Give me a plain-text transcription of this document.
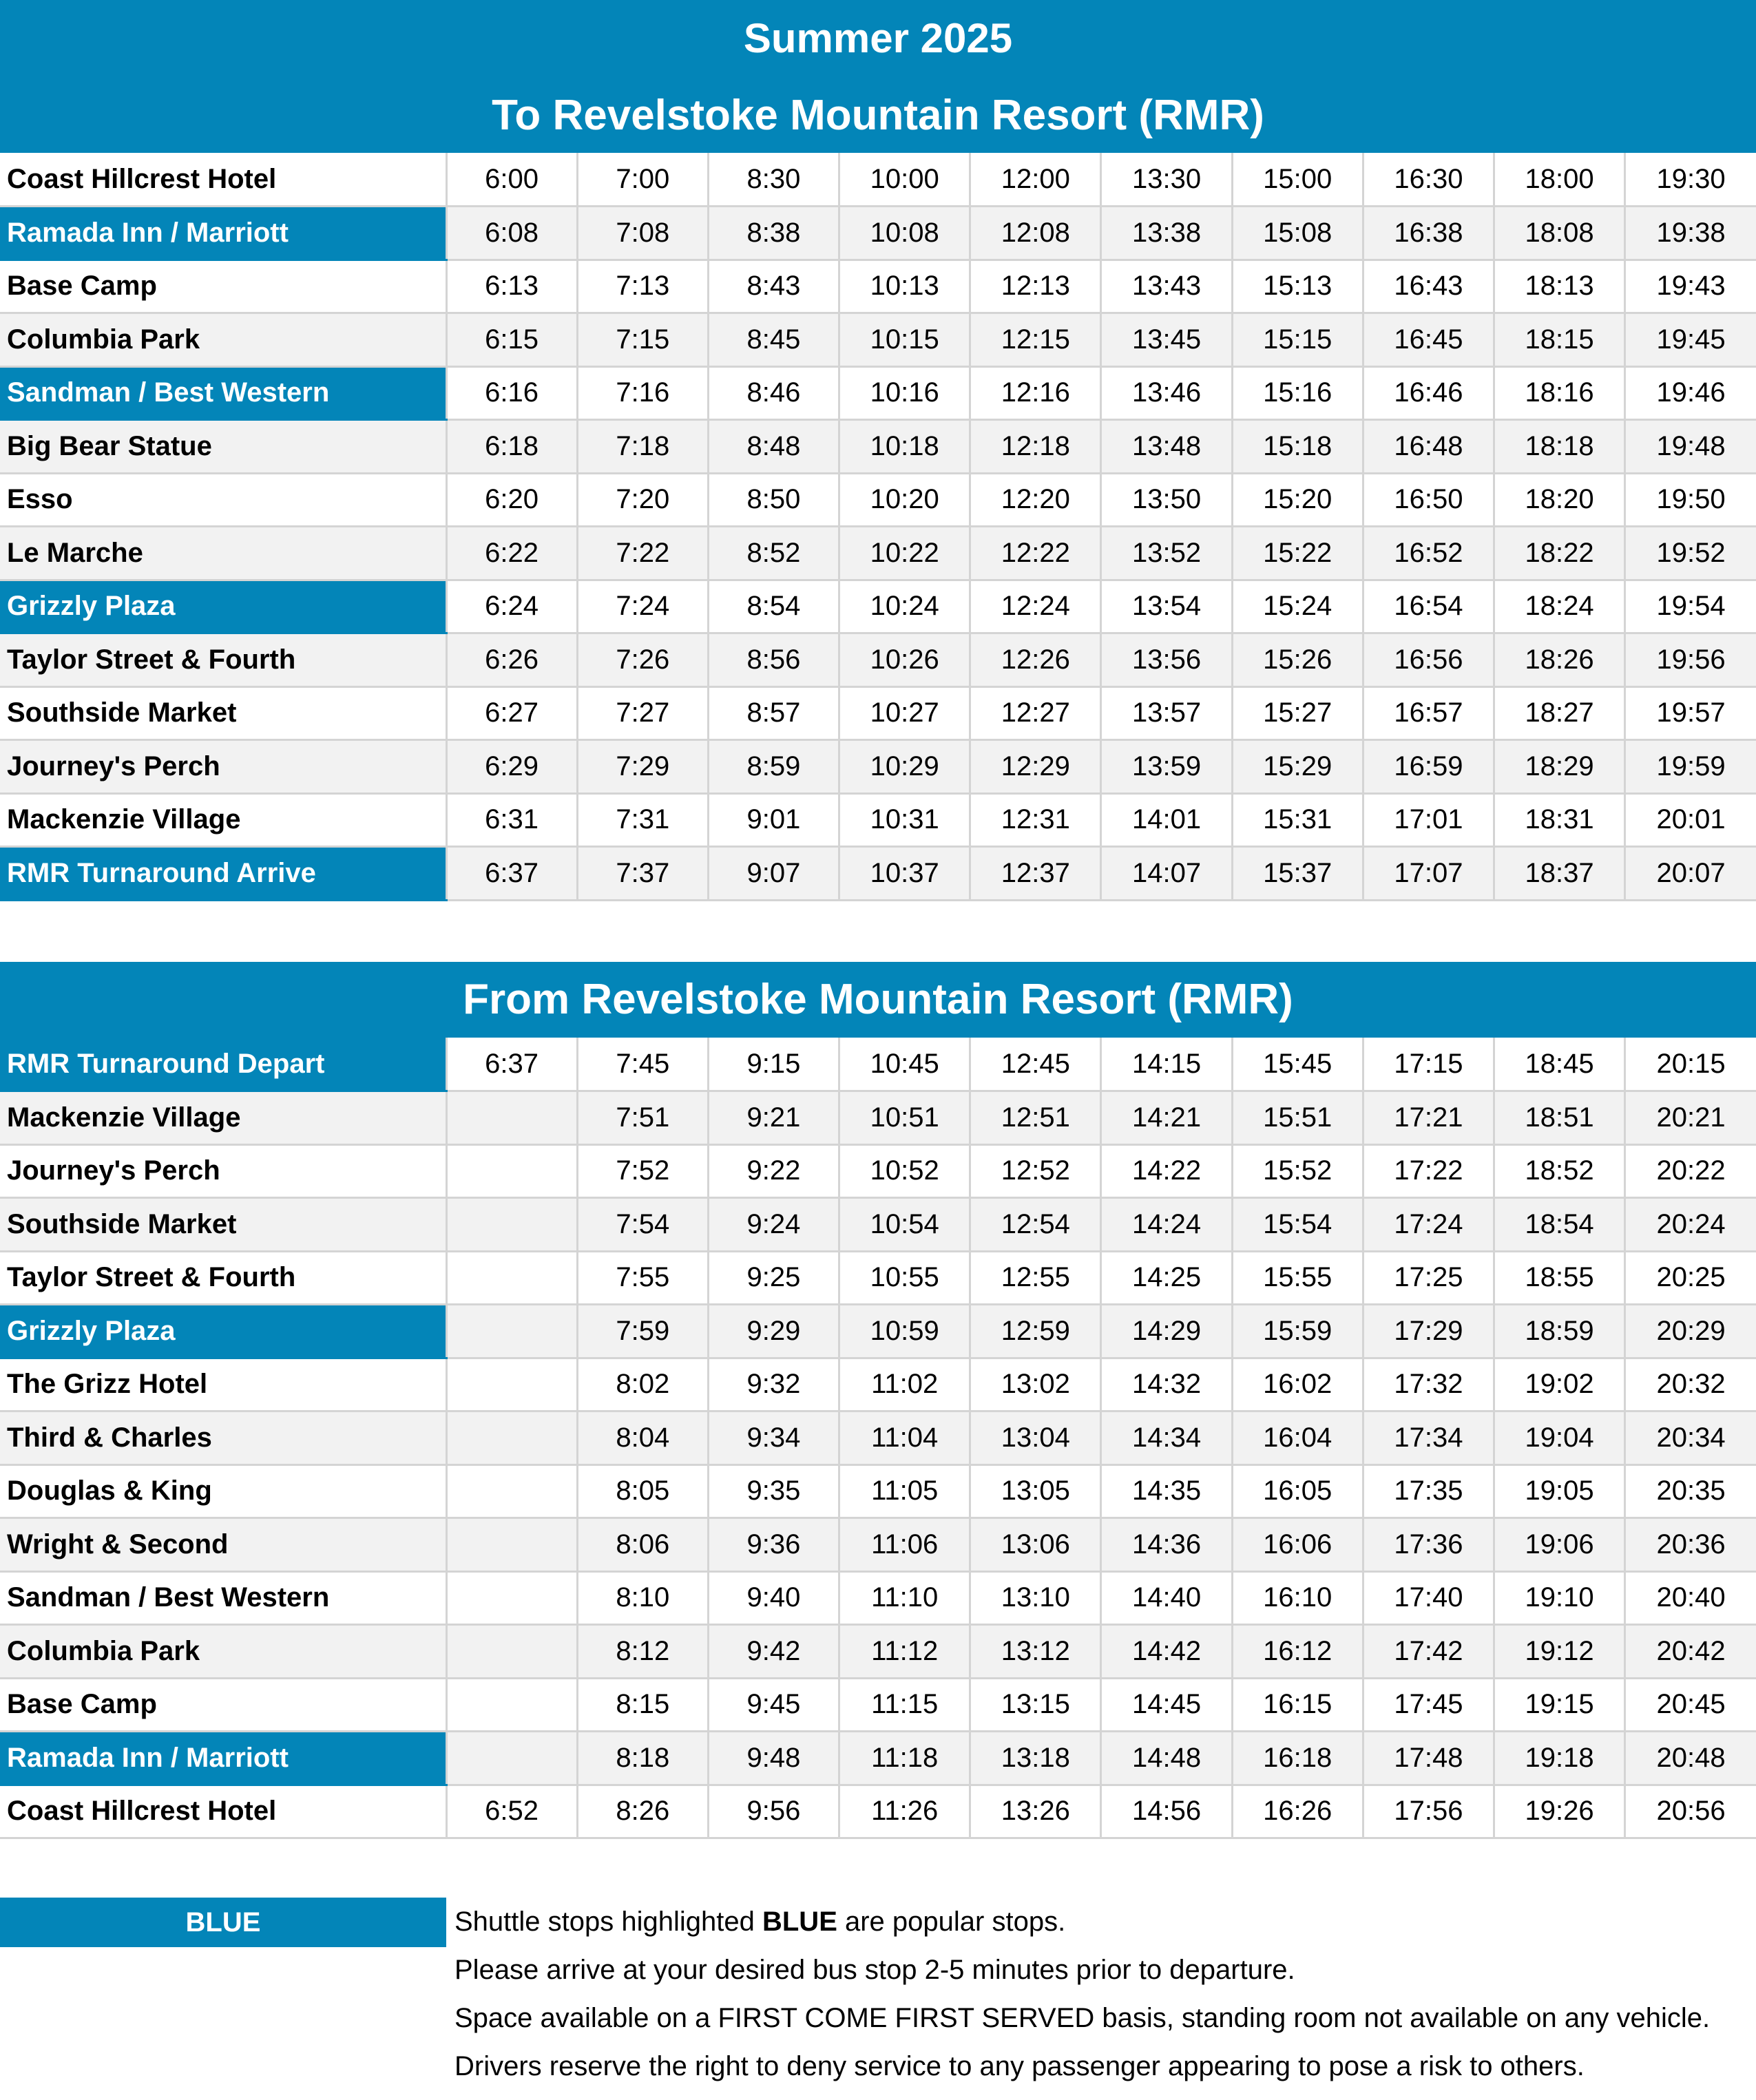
Summer 2025
To Revelstoke Mountain Resort (RMR)
Coast Hillcrest Hotel	6:00	7:00	8:30	10:00	12:00	13:30	15:00	16:30	18:00	19:30
Ramada Inn / Marriott	6:08	7:08	8:38	10:08	12:08	13:38	15:08	16:38	18:08	19:38
Base Camp	6:13	7:13	8:43	10:13	12:13	13:43	15:13	16:43	18:13	19:43
Columbia Park	6:15	7:15	8:45	10:15	12:15	13:45	15:15	16:45	18:15	19:45
Sandman / Best Western	6:16	7:16	8:46	10:16	12:16	13:46	15:16	16:46	18:16	19:46
Big Bear Statue	6:18	7:18	8:48	10:18	12:18	13:48	15:18	16:48	18:18	19:48
Esso	6:20	7:20	8:50	10:20	12:20	13:50	15:20	16:50	18:20	19:50
Le Marche	6:22	7:22	8:52	10:22	12:22	13:52	15:22	16:52	18:22	19:52
Grizzly Plaza	6:24	7:24	8:54	10:24	12:24	13:54	15:24	16:54	18:24	19:54
Taylor Street & Fourth	6:26	7:26	8:56	10:26	12:26	13:56	15:26	16:56	18:26	19:56
Southside Market	6:27	7:27	8:57	10:27	12:27	13:57	15:27	16:57	18:27	19:57
Journey's Perch	6:29	7:29	8:59	10:29	12:29	13:59	15:29	16:59	18:29	19:59
Mackenzie Village	6:31	7:31	9:01	10:31	12:31	14:01	15:31	17:01	18:31	20:01
RMR Turnaround Arrive	6:37	7:37	9:07	10:37	12:37	14:07	15:37	17:07	18:37	20:07
From Revelstoke Mountain Resort (RMR)
RMR Turnaround Depart	6:37	7:45	9:15	10:45	12:45	14:15	15:45	17:15	18:45	20:15
Mackenzie Village		7:51	9:21	10:51	12:51	14:21	15:51	17:21	18:51	20:21
Journey's Perch		7:52	9:22	10:52	12:52	14:22	15:52	17:22	18:52	20:22
Southside Market		7:54	9:24	10:54	12:54	14:24	15:54	17:24	18:54	20:24
Taylor Street & Fourth		7:55	9:25	10:55	12:55	14:25	15:55	17:25	18:55	20:25
Grizzly Plaza		7:59	9:29	10:59	12:59	14:29	15:59	17:29	18:59	20:29
The Grizz Hotel		8:02	9:32	11:02	13:02	14:32	16:02	17:32	19:02	20:32
Third & Charles		8:04	9:34	11:04	13:04	14:34	16:04	17:34	19:04	20:34
Douglas & King		8:05	9:35	11:05	13:05	14:35	16:05	17:35	19:05	20:35
Wright & Second		8:06	9:36	11:06	13:06	14:36	16:06	17:36	19:06	20:36
Sandman / Best Western		8:10	9:40	11:10	13:10	14:40	16:10	17:40	19:10	20:40
Columbia Park		8:12	9:42	11:12	13:12	14:42	16:12	17:42	19:12	20:42
Base Camp		8:15	9:45	11:15	13:15	14:45	16:15	17:45	19:15	20:45
Ramada Inn / Marriott		8:18	9:48	11:18	13:18	14:48	16:18	17:48	19:18	20:48
Coast Hillcrest Hotel	6:52	8:26	9:56	11:26	13:26	14:56	16:26	17:56	19:26	20:56
BLUE	Shuttle stops highlighted BLUE are popular stops.
Please arrive at your desired bus stop 2-5 minutes prior to departure.
Space available on a FIRST COME FIRST SERVED basis, standing room not available on any vehicle.
Drivers reserve the right to deny service to any passenger appearing to pose a risk to others.
